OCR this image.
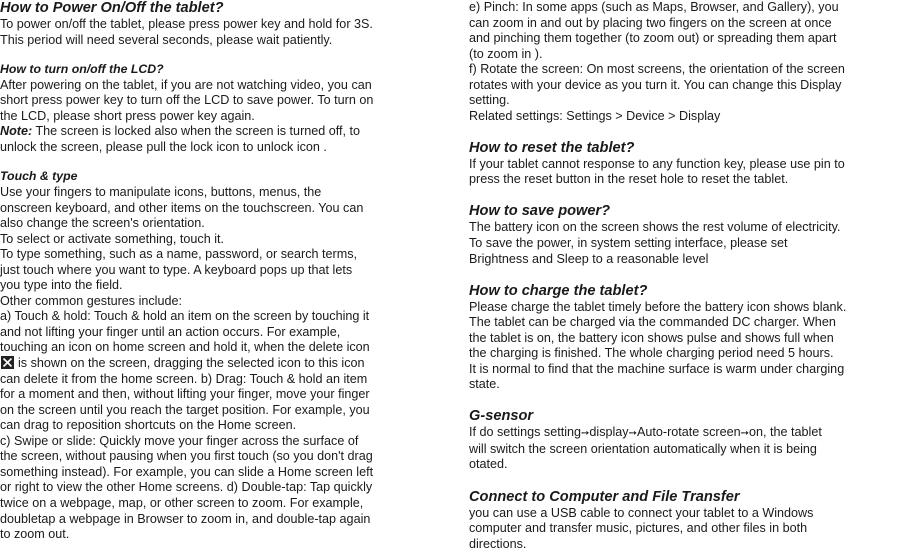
How to Power On/Off the tablet?

To power on/off the tablet, please press power key and hold for 3S.
This period will need several seconds, please wait patiently.

How to turn on/off the LCD?

After powering on the tablet, if you are not watching video, you can
short press power key to turn off the LCD to save power. To turn on
the LCD, please short press power key again.

Note: The screen is locked also when the screen is turned off, to
unlock the screen, please pull the lock icon to unlock icon .

Touch & type

Use your fingers to manipulate icons, buttons, menus, the
onscreen keyboard, and other items on the touchscreen. You can
also change the screen's orientation.
To select or activate something, touch it.
To type something, such as a name, password, or search terms,
just touch where you want to type. A keyboard pops up that lets
you type into the field.
Other common gestures include:
a) Touch & hold: Touch & hold an item on the screen by touching it
and not lifting your finger until an action occurs. For example,
touching an icon on home screen and hold it, when the delete icon

is shown on the screen, dragging the selected icon to this icon
can delete it from the home screen. b) Drag: Touch & hold an item
for a moment and then, without lifting your finger, move your finger
on the screen until you reach the target position. For example, you
can drag to reposition shortcuts on the Home screen.
c) Swipe or slide: Quickly move your finger across the surface of
the screen, without pausing when you first touch (so you don't drag
something instead). For example, you can slide a Home screen left
or right to view the other Home screens. d) Double-tap: Tap quickly
twice on a webpage, map, or other screen to zoom. For example,
doubletap a webpage in Browser to zoom in, and double-tap again
to zoom out.

e) Pinch: In some apps (such as Maps, Browser, and Gallery), you
can zoom in and out by placing two fingers on the screen at once
and pinching them together (to zoom out) or spreading them apart
(to zoom in ).
f) Rotate the screen: On most screens, the orientation of the screen
rotates with your device as you turn it. You can change this Display
setting.
Related settings: Settings > Device > Display

How to reset the tablet?

If your tablet cannot response to any function key, please use pin to
press the reset button in the reset hole to reset the tablet.

How to save power?

The battery icon on the screen shows the rest volume of electricity.
To save the power, in system setting interface, please set
Brightness and Sleep to a reasonable level

How to charge the tablet?

Please charge the tablet timely before the battery icon shows blank.
The tablet can be charged via the commanded DC charger. When
the tablet is on, the battery icon shows pulse and shows full when
the charging is finished. The whole charging period need 5 hours.
It is normal to find that the machine surface is warm under charging
state.

G-sensor

If do settings setting➙display➙Auto-rotate screen➙on, the tablet
will switch the screen orientation automatically when it is being
otated.

Connect to Computer and File Transfer

you can use a USB cable to connect your tablet to a Windows
computer and transfer music, pictures, and other files in both
directions.
